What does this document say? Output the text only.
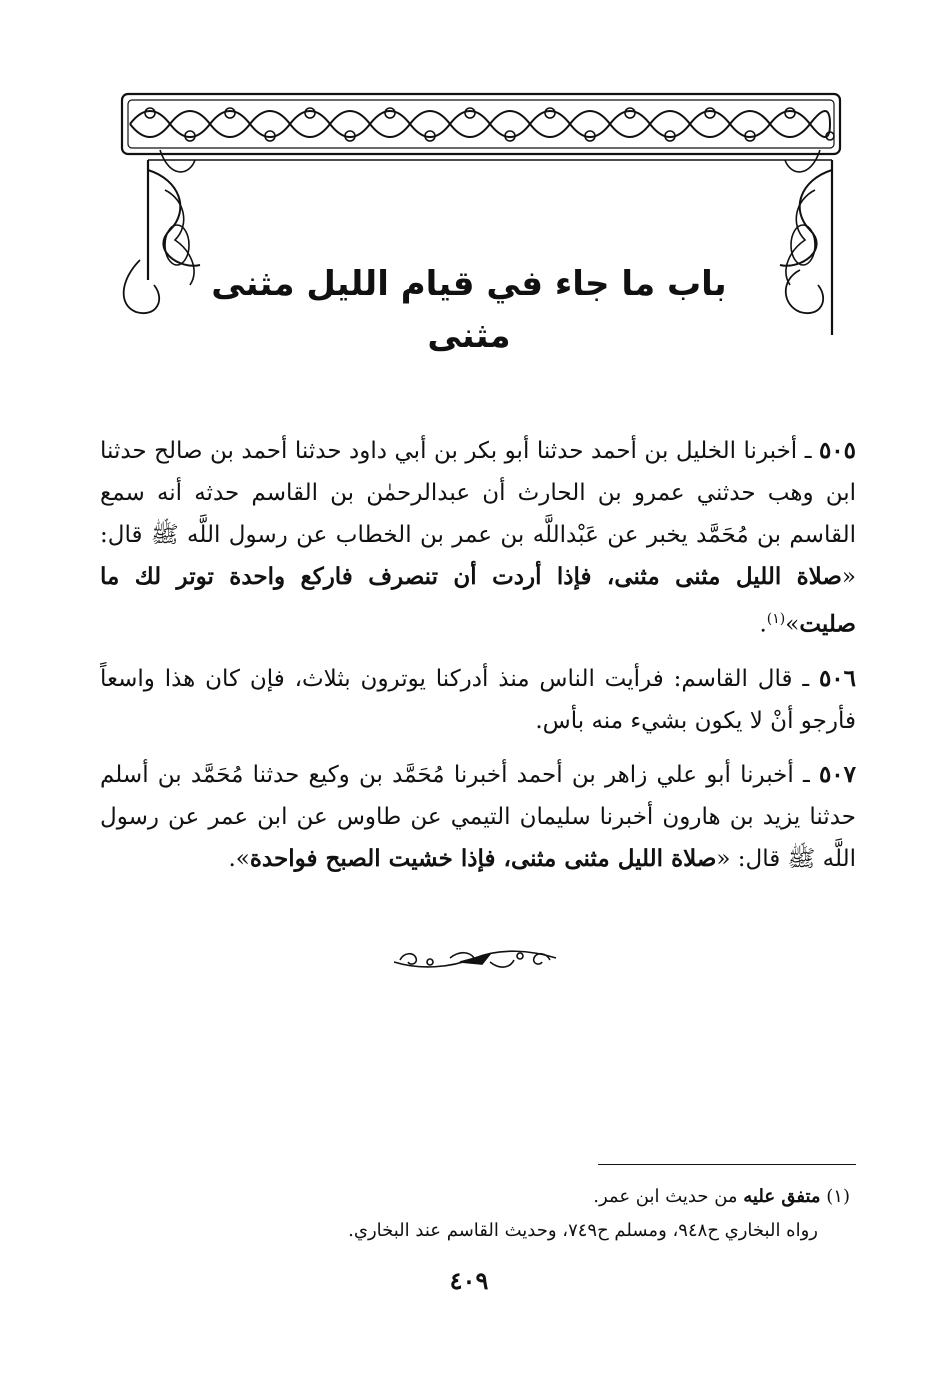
باب ما جاء في قيام الليل مثنى مثنى

٥٠٥ ـ أخبرنا الخليل بن أحمد حدثنا أبو بكر بن أبي داود حدثنا أحمد بن صالح حدثنا ابن وهب حدثني عمرو بن الحارث أن عبدالرحمٰن بن القاسم حدثه أنه سمع القاسم بن مُحَمَّد يخبر عن عَبْداللَّه بن عمر بن الخطاب عن رسول اللَّه ﷺ قال: «صلاة الليل مثنى مثنى، فإذا أردت أن تنصرف فاركع واحدة توتر لك ما صليت»$^{(١)}$.

٥٠٦ ـ قال القاسم: فرأيت الناس منذ أدركنا يوترون بثلاث، فإن كان هذا واسعاً فأرجو أنْ لا يكون بشيء منه بأس.

٥٠٧ ـ أخبرنا أبو علي زاهر بن أحمد أخبرنا مُحَمَّد بن وكيع حدثنا مُحَمَّد بن أسلم حدثنا يزيد بن هارون أخبرنا سليمان التيمي عن طاوس عن ابن عمر عن رسول اللَّه ﷺ قال: «صلاة الليل مثنى مثنى، فإذا خشيت الصبح فواحدة».

(١) متفق عليه من حديث ابن عمر.

رواه البخاري ح٩٤٨، ومسلم ح٧٤٩، وحديث القاسم عند البخاري.

٤٠٩
